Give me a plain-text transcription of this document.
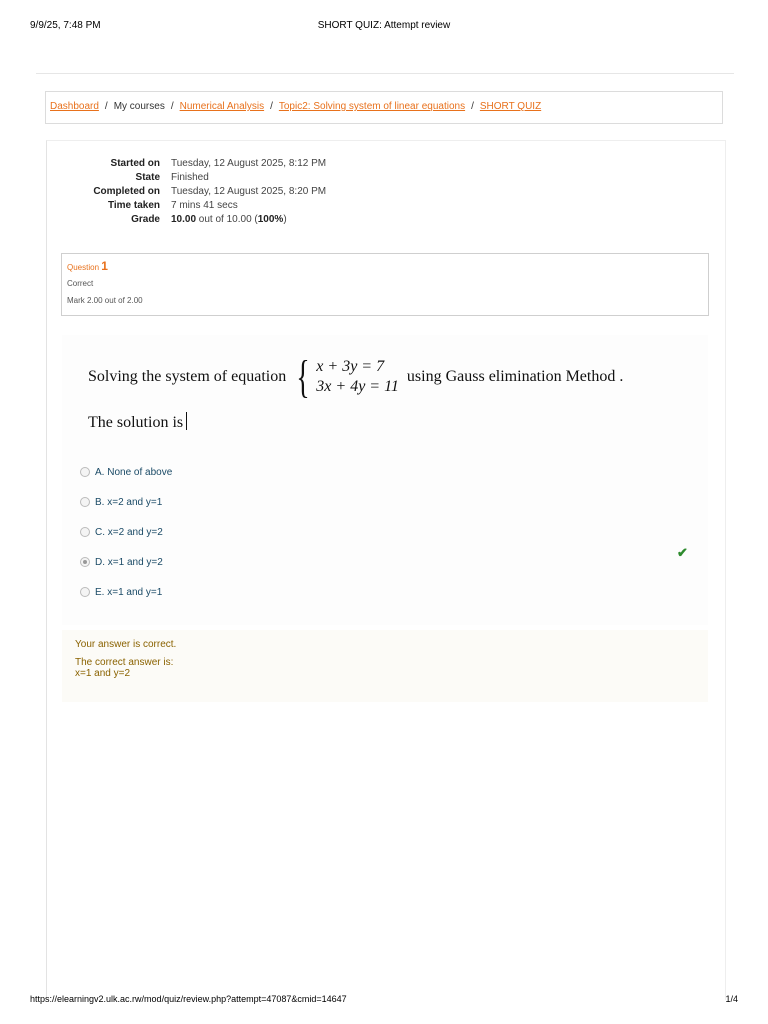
9/9/25, 7:48 PM	SHORT QUIZ: Attempt review
Dashboard / My courses / Numerical Analysis / Topic2: Solving system of linear equations / SHORT QUIZ
Started on	Tuesday, 12 August 2025, 8:12 PM
State	Finished
Completed on	Tuesday, 12 August 2025, 8:20 PM
Time taken	7 mins 41 secs
Grade	10.00 out of 10.00 (100%)
Question 1
Correct
Mark 2.00 out of 2.00
Solving the system of equation { x + 3y = 7
3x + 4y = 11
using Gauss elimination Method .
The solution is
A. None of above
B. x=2 and y=1
C. x=2 and y=2
D. x=1 and y=2
E. x=1 and y=1
✔
Your answer is correct.
The correct answer is:
x=1 and y=2
https://elearningv2.ulk.ac.rw/mod/quiz/review.php?attempt=47087&cmid=14647	1/4
